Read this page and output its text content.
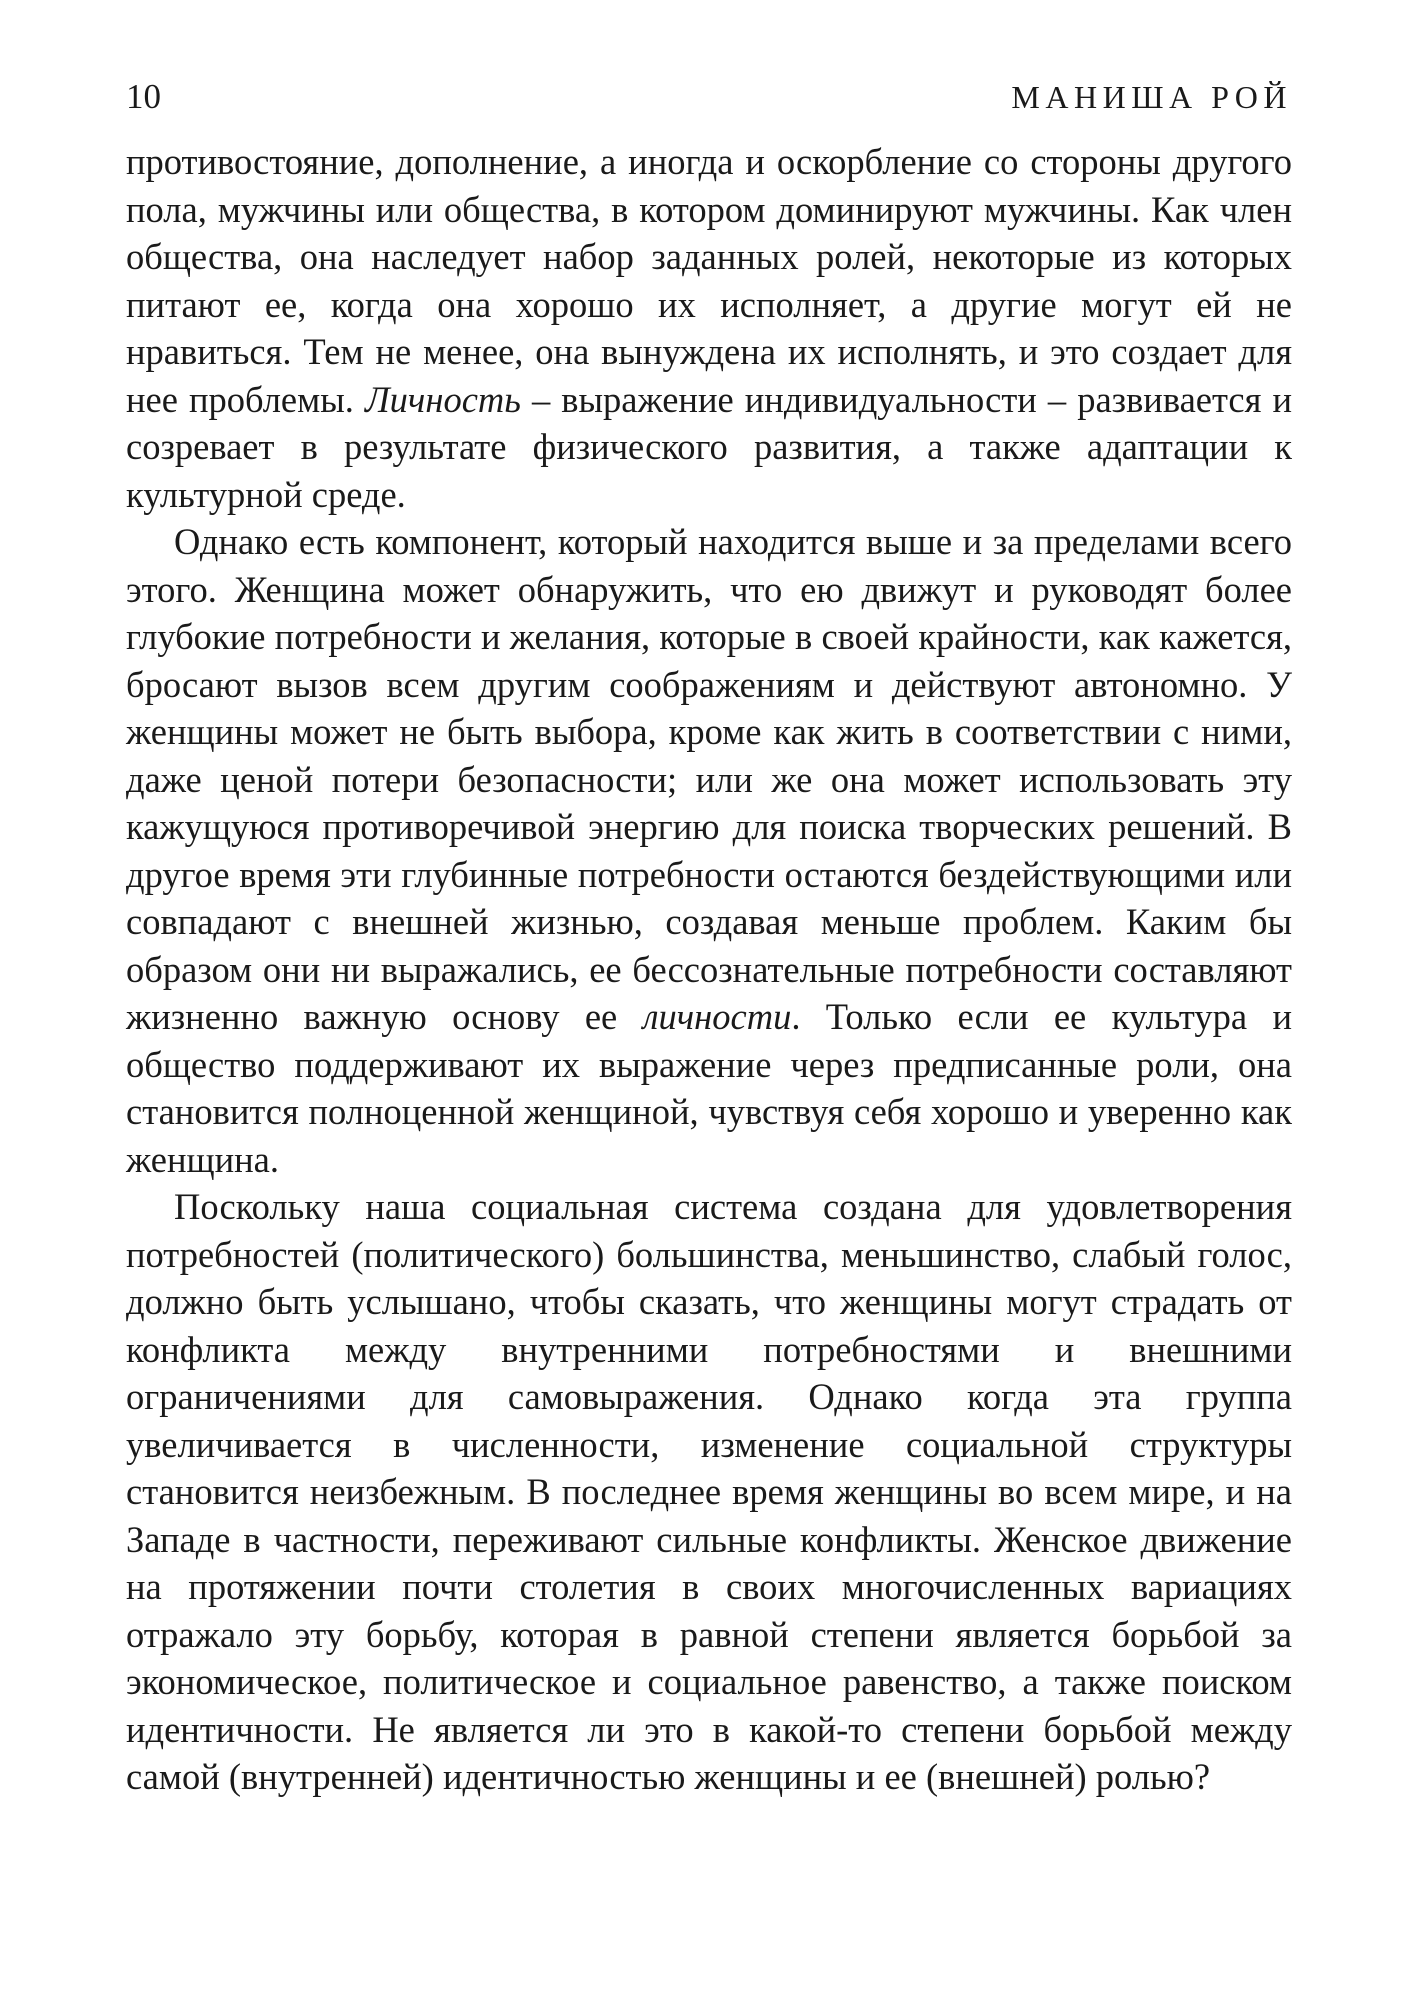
10	МАНИША РОЙ

противостояние, дополнение, а иногда и оскорбление со стороны другого пола, мужчины или общества, в котором доминируют мужчины. Как член общества, она наследует набор заданных ролей, некоторые из которых питают ее, когда она хорошо их исполняет, а другие могут ей не нравиться. Тем не менее, она вынуждена их исполнять, и это создает для нее проблемы. Личность – выражение индивидуальности – развивается и созревает в результате физического развития, а также адаптации к культурной среде.

Однако есть компонент, который находится выше и за пределами всего этого. Женщина может обнаружить, что ею движут и руководят более глубокие потребности и желания, которые в своей крайности, как кажется, бросают вызов всем другим соображениям и действуют автономно. У женщины может не быть выбора, кроме как жить в соответствии с ними, даже ценой потери безопасности; или же она может использовать эту кажущуюся противоречивой энергию для поиска творческих решений. В другое время эти глубинные потребности остаются бездействующими или совпадают с внешней жизнью, создавая меньше проблем. Каким бы образом они ни выражались, ее бессознательные потребности составляют жизненно важную основу ее личности. Только если ее культура и общество поддерживают их выражение через предписанные роли, она становится полноценной женщиной, чувствуя себя хорошо и уверенно как женщина.

Поскольку наша социальная система создана для удовлетворения потребностей (политического) большинства, меньшинство, слабый голос, должно быть услышано, чтобы сказать, что женщины могут страдать от конфликта между внутренними потребностями и внешними ограничениями для самовыражения. Однако когда эта группа увеличивается в численности, изменение социальной структуры становится неизбежным. В последнее время женщины во всем мире, и на Западе в частности, переживают сильные конфликты. Женское движение на протяжении почти столетия в своих многочисленных вариациях отражало эту борьбу, которая в равной степени является борьбой за экономическое, политическое и социальное равенство, а также поиском идентичности. Не является ли это в какой-то степени борьбой между самой (внутренней) идентичностью женщины и ее (внешней) ролью?
